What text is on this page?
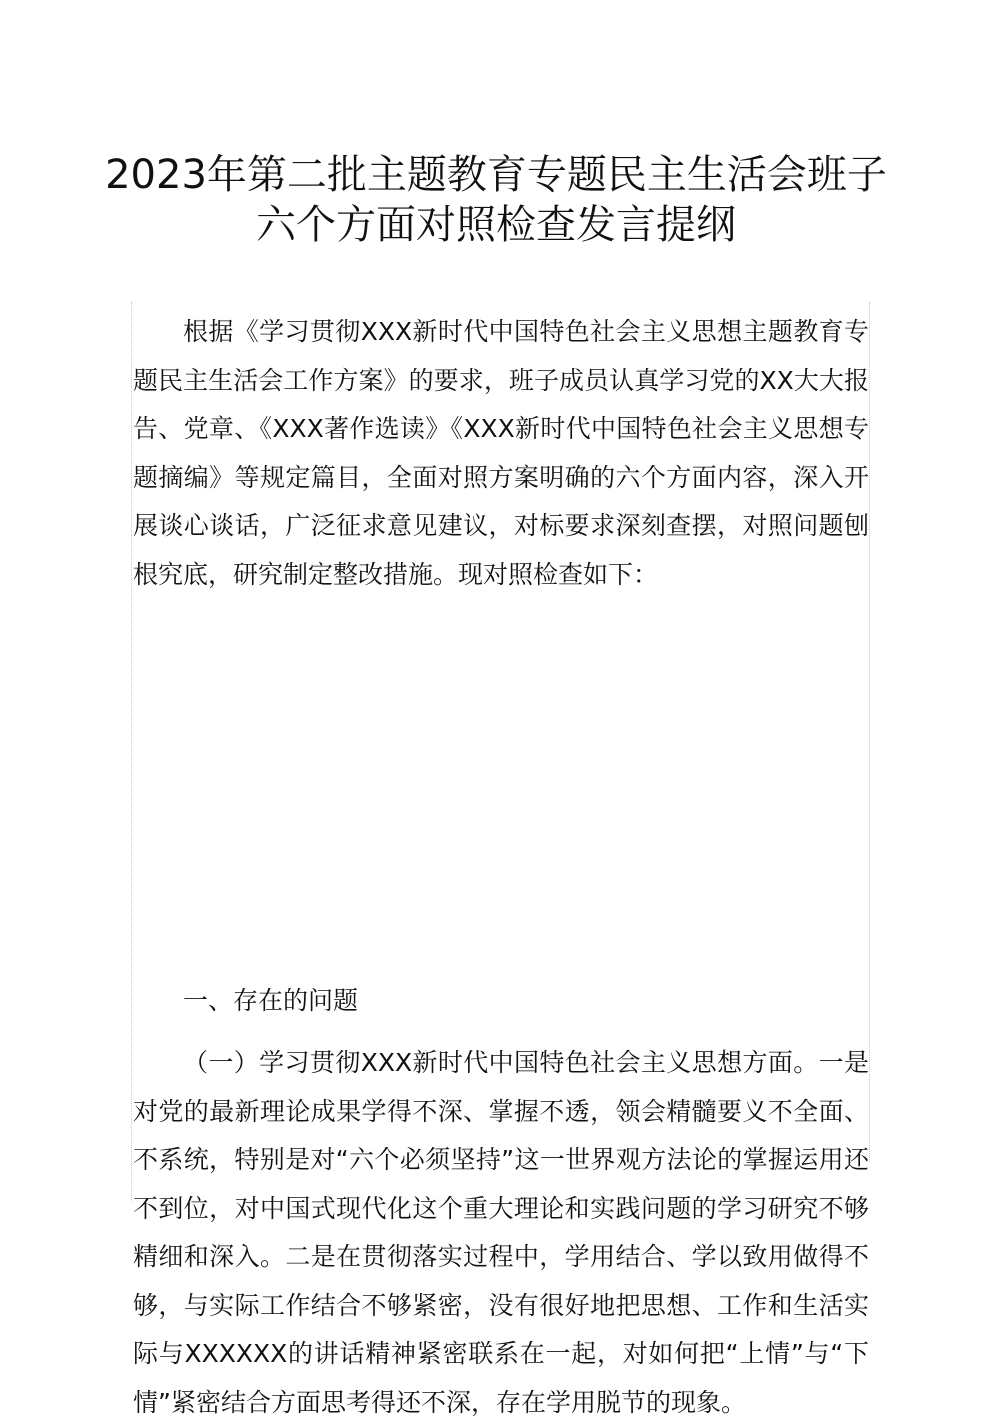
2023年第二批主题教育专题民主生活会班子
六个方面对照检查发言提纲

根据《学习贯彻XXX新时代中国特色社会主义思想主题教育专题民主生活会工作方案》的要求，班子成员认真学习党的XX大大报告、党章、《XXX著作选读》《XXX新时代中国特色社会主义思想专题摘编》等规定篇目，全面对照方案明确的六个方面内容，深入开展谈心谈话，广泛征求意见建议，对标要求深刻查摆，对照问题刨根究底，研究制定整改措施。现对照检查如下：

一、存在的问题

（一）学习贯彻XXX新时代中国特色社会主义思想方面。一是对党的最新理论成果学得不深、掌握不透，领会精髓要义不全面、不系统，特别是对“六个必须坚持”这一世界观方法论的掌握运用还不到位，对中国式现代化这个重大理论和实践问题的学习研究不够精细和深入。二是在贯彻落实过程中，学用结合、学以致用做得不够，与实际工作结合不够紧密，没有很好地把思想、工作和生活实际与XXXXXX的讲话精神紧密联系在一起，对如何把“上情”与“下情”紧密结合方面思考得还不深，存在学用脱节的现象。
